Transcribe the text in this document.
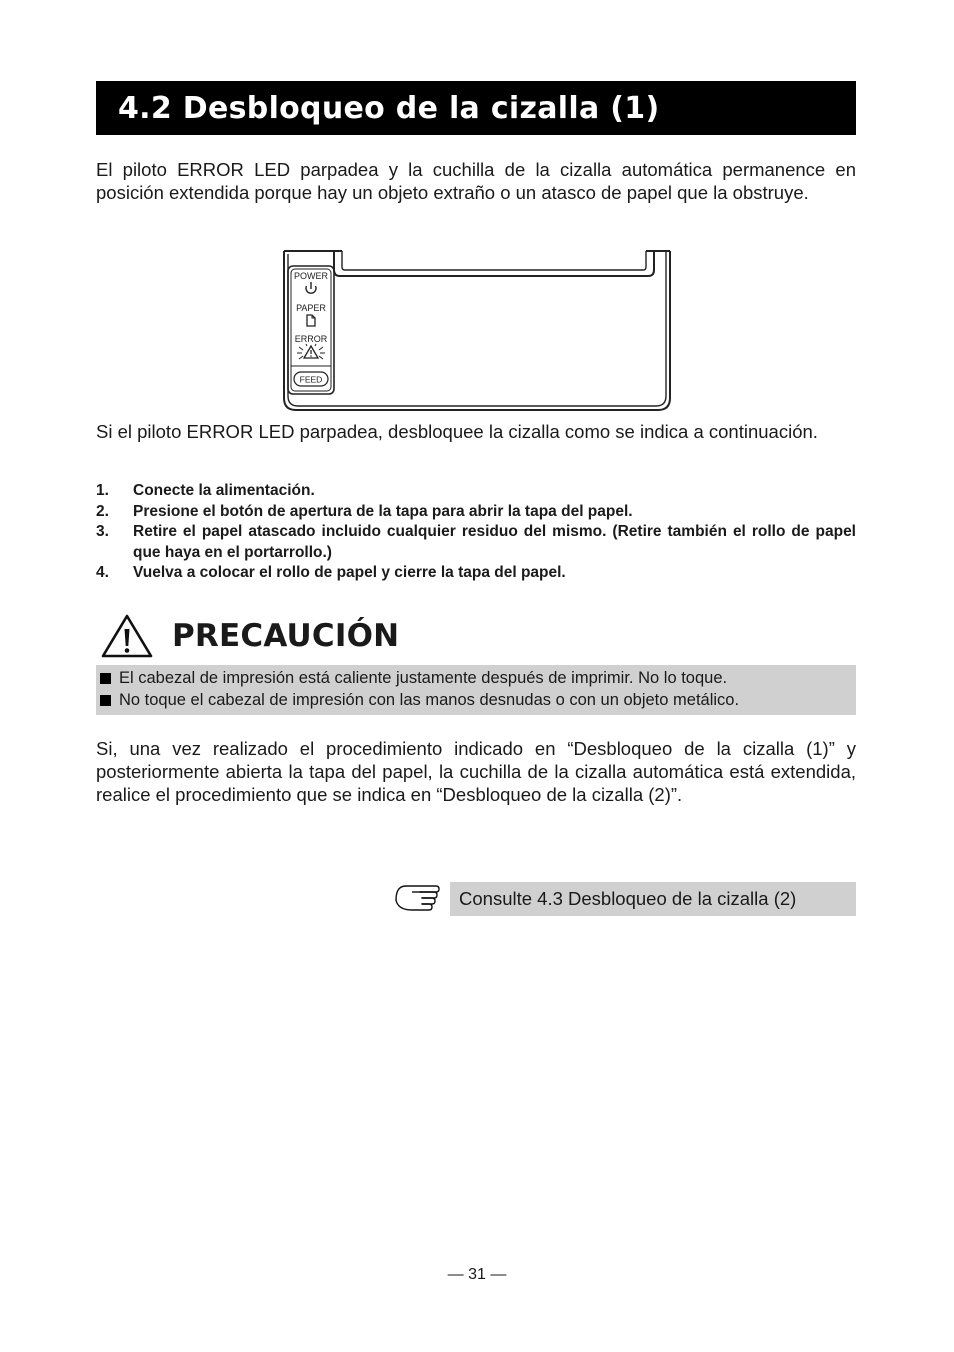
4.2 Desbloqueo de la cizalla (1)

El piloto ERROR LED parpadea y la cuchilla de la cizalla automática permanence en posición extendida porque hay un objeto extraño o un atasco de papel que la obstruye.

POWER
PAPER
ERROR
FEED

Si el piloto ERROR LED parpadea, desbloquee la cizalla como se indica a continuación.

1.	Conecte la alimentación.
2.	Presione el botón de apertura de la tapa para abrir la tapa del papel.
3.	Retire el papel atascado incluido cualquier residuo del mismo. (Retire también el rollo de papel que haya en el portarrollo.)
4.	Vuelva a colocar el rollo de papel y cierre la tapa del papel.
PRECAUCIÓN
El cabezal de impresión está caliente justamente después de imprimir. No lo toque.
No toque el cabezal de impresión con las manos desnudas o con un objeto metálico.

Si, una vez realizado el procedimiento indicado en “Desbloqueo de la cizalla (1)” y posteriormente abierta la tapa del papel, la cuchilla de la cizalla automática está extendida, realice el procedimiento que se indica en “Desbloqueo de la cizalla (2)”.

Consulte 4.3 Desbloqueo de la cizalla (2)
— 31 —
